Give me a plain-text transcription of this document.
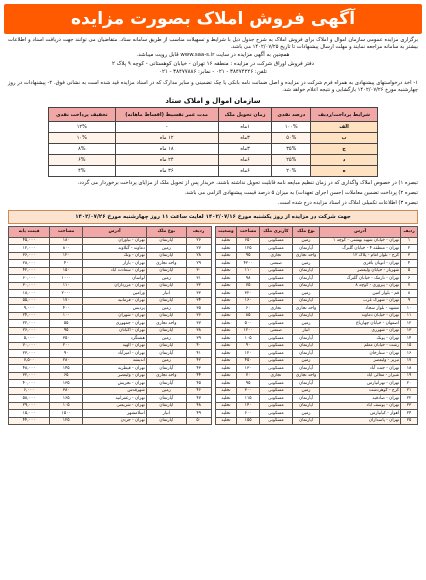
آگهی فروش املاک بصورت مزایده
برگزاری مزایده عمومی سازمان اموال و املاک برای فروش املاک به شرح جدول ذیل با شرایط و تسهیلات مناسب از طریق سامانه ستاد. متقاضیان می توانند جهت دریافت اسناد و اطلاعات بیشتر به سامانه مراجعه نمایند و مهلت ارسال پیشنهادات تا تاریخ ۱۴۰۲/۰۷/۲۵ می باشد.
همچنین به آگهی مزایده در سایت www.saa-s.ir قابل رویت میباشد.
دفتر فروش اوراق شرکت در مزایده : منطقه ۱۶ تهران - خیابان کوهستانی - کوچه ۹ پلاک ۲
تلفن: ۳۸۴۷۴۲۲۶ - ۰۲۱ - نمابر: ۳۸۴۷۷۸۸۶ - ۰۲۱
۱- اخذ درخواستهای پیشنهادی به همراه فرم شرکت در مزایده و اصل ضمانت نامه بانکی یا چک تضمینی و سایر مدارک که در اسناد مزایده قید شده است به نشانی فوق. ۲- پیشنهادات در روز چهارشنبه مورخ ۱۴۰۲/۰۷/۲۶ بازگشایی و نتیجه اعلام خواهد شد.
سازمان اموال و املاک ستاد
شرایط پرداخت/ردیف	درصد نقدی	زمان تحویل ملک	مدت عمر تقسیط (اقساط ماهانه)	تخفیف پرداخت نقدی
الف	۱۰۰%	۱ماه	-	۱۲%
ب	۵۰%	۳ماه	۱۲ ماه	۱۰%
ج	۳۵%	۳ماه	۱۸ ماه	۸%
د	۲۵%	۶ماه	۲۴ ماه	۶%
ه	۲۰%	۶ماه	۳۶ ماه	۴%
تبصره ۱) در خصوص املاک واگذاری که در زمان تنظیم مبایعه نامه قابلیت تحویل نداشته باشند، خریدار پس از تحویل ملک از مزایای پرداخت برخوردار می گردد.
تبصره ۲) پرداخت تضمین معاملات (حسن اجرای تعهدات) به میزان ۵ درصد قیمت پیشنهادی الزامی می باشد.
تبصره ۳) اطلاعات تکمیلی املاک در اسناد مزایده درج شده است.
جهت شرکت در مزایده از روز یکشنبه مورخ ۱۴۰۲/۰۷/۱۶ لغایت ساعت ۱۱ روز چهارشنبه مورخ ۱۴۰۲/۰۷/۲۶
ردیف	آدرس	نوع ملک	کاربری ملک	مساحت	وضعیت
۱	تهران - خیابان شهید بهشتی - کوچه ۱	زمین	مسکونی	۶۵۰	تخلیه
۲	تهران - منطقه ۴ - خیابان گلبرگ	آپارتمان	مسکونی	۱۲۵	تخلیه
۳	کرج - بلوار امام - پلاک ۱۲	واحد تجاری	تجاری	۹۵	تخلیه
۴	تهران - اتوبان باقری	زمین	صنعتی	۴۲۰۰	تخلیه
۵	شهریار - خیابان ولیعصر	آپارتمان	مسکونی	۱۱۰	تخلیه
۶	تهران - نارمک - خیابان گلبرگ	آپارتمان	مسکونی	۹۸	تخلیه
۷	تهران - پیروزی - کوچه ۸	آپارتمان	مسکونی	۷۵	تخلیه
۸	قم - بلوار امین	زمین	مسکونی	۳۲۰	تخلیه
۹	تهران - شهرک غرب	آپارتمان	مسکونی	۱۶۰	تخلیه
۱۰	مشهد - بلوار سجاد	واحد تجاری	تجاری	۶۰	تخلیه
۱۱	تهران - خیابان دماوند	آپارتمان	مسکونی	۸۵	تخلیه
۱۲	اصفهان - خیابان چهارباغ	زمین	مسکونی	۵۰۰	تخلیه
۱۳	تهران - شهرری	انبار	صنعتی	۱۲۰۰	تخلیه
۱۴	تهران - پونک	آپارتمان	مسکونی	۱۰۵	تخلیه
۱۵	رشت - خیابان معلم	آپارتمان	مسکونی	۹۰	تخلیه
۱۶	تهران - ستارخان	آپارتمان	مسکونی	۱۲۰	تخلیه
۱۷	تبریز - ولیعصر	زمین	مسکونی	۴۵۰	تخلیه
۱۸	تهران - جنت آباد	آپارتمان	مسکونی	۱۳۰	تخلیه
۱۹	شیراز - معالی آباد	واحد تجاری	تجاری	۷۰	تخلیه
۲۰	تهران - تهرانپارس	آپارتمان	مسکونی	۹۵	تخلیه
۲۱	کرج - گوهردشت	زمین	مسکونی	۳۰۰	تخلیه
۲۲	تهران - صادقیه	آپارتمان	مسکونی	۱۱۵	تخلیه
۲۳	تهران - یوسف آباد	آپارتمان	مسکونی	۱۴۰	تخلیه
۲۴	اهواز - کیانپارس	زمین	مسکونی	۶۰۰	تخلیه
۲۵	تهران - پاسداران	آپارتمان	مسکونی	۱۵۵	تخلیه
ردیف	نوع ملک	آدرس	مساحت	قیمت پایه
۲۶	آپارتمان	تهران - نیاوران	۱۸۰	۴۵,۰۰۰
۲۷	زمین	دماوند - گیلاوند	۸۰۰	۱۲,۰۰۰
۲۸	آپارتمان	تهران - ونک	۱۲۰	۳۶,۰۰۰
۲۹	واحد تجاری	تهران - بازار	۴۰	۲۸,۰۰۰
۳۰	آپارتمان	تهران - سعادت آباد	۱۵۰	۴۲,۰۰۰
۳۱	زمین	لواسان	۱۰۰۰	۶۰,۰۰۰
۳۲	آپارتمان	تهران - مرزداران	۱۱۰	۳۰,۰۰۰
۳۳	انبار	ورامین	۲۰۰۰	۱۸,۰۰۰
۳۴	آپارتمان	تهران - فرمانیه	۱۷۰	۵۵,۰۰۰
۳۵	زمین	پردیس	۴۰۰	۹,۰۰۰
۳۶	آپارتمان	تهران - شهران	۱۰۰	۲۴,۰۰۰
۳۷	واحد تجاری	تهران - جمهوری	۵۵	۲۲,۰۰۰
۳۸	آپارتمان	تهران - اکباتان	۹۵	۲۶,۰۰۰
۳۹	زمین	هشتگرد	۳۵۰	۵,۰۰۰
۴۰	آپارتمان	تهران - الهیه	۲۰۰	۷۰,۰۰۰
۴۱	آپارتمان	تهران - امیرآباد	۹۰	۲۳,۰۰۰
۴۲	زمین	اندیشه	۲۸۰	۷,۵۰۰
۴۳	آپارتمان	تهران - قیطریه	۱۴۵	۴۸,۰۰۰
۴۴	واحد تجاری	تهران - ولیعصر	۶۵	۳۲,۰۰۰
۴۵	آپارتمان	تهران - تجریش	۱۳۵	۴۰,۰۰۰
۴۶	زمین	شهرقدس	۳۸۰	۶,۰۰۰
۴۷	آپارتمان	تهران - زعفرانیه	۱۶۵	۵۸,۰۰۰
۴۸	آپارتمان	تهران - شریعتی	۱۰۵	۲۹,۰۰۰
۴۹	انبار	اسلامشهر	۱۵۰۰	۱۵,۰۰۰
۵۰	آپارتمان	تهران - جردن	۱۲۵	۴۴,۰۰۰
